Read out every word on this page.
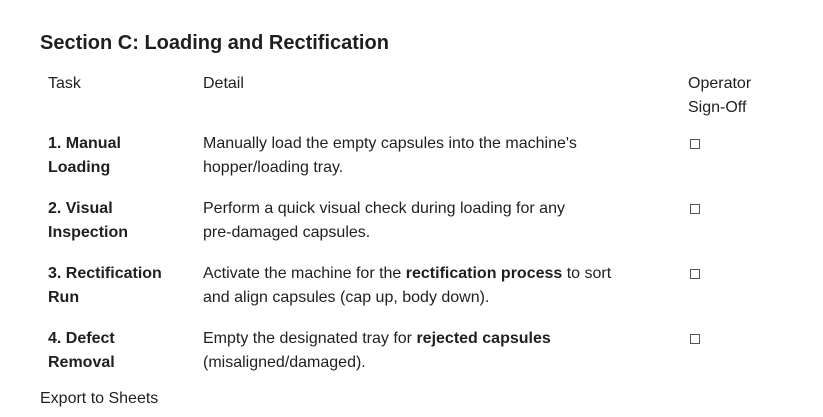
Section C: Loading and Rectification
Task	Detail	Operator
Sign-Off
1. Manual
Loading
Manually load the empty capsules into the machine's
hopper/loading tray.
2. Visual
Inspection
Perform a quick visual check during loading for any
pre-damaged capsules.
3. Rectification
Run
Activate the machine for the rectification process to sort
and align capsules (cap up, body down).
4. Defect
Removal
Empty the designated tray for rejected capsules
(misaligned/damaged).
Export to Sheets
